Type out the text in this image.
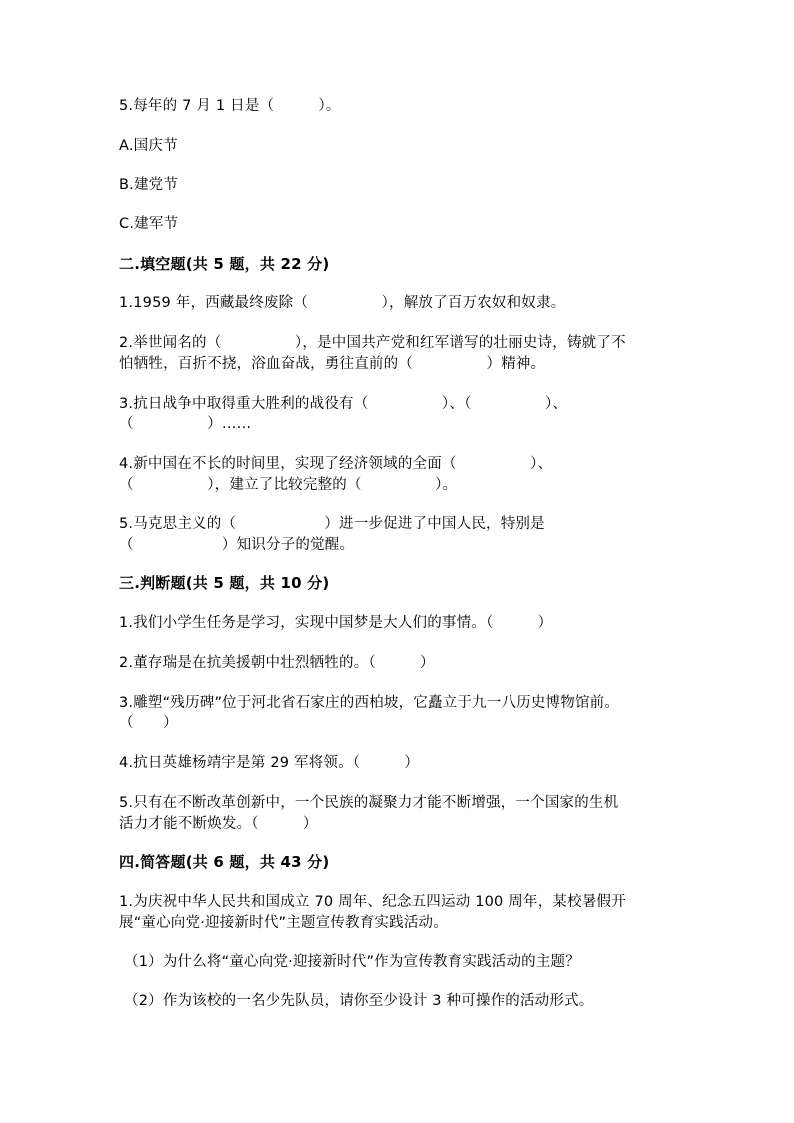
5.每年的 7 月 1 日是（　　　）。
A.国庆节
B.建党节
C.建军节
二.填空题(共 5 题，共 22 分)
1.1959 年，西藏最终废除（　　　　　），解放了百万农奴和奴隶。
2.举世闻名的（　　　　　），是中国共产党和红军谱写的壮丽史诗，铸就了不
怕牺牲，百折不挠，浴血奋战，勇往直前的（　　　　　）精神。
3.抗日战争中取得重大胜利的战役有（　　　　　）、（　　　　　）、
（　　　　　）……
4.新中国在不长的时间里，实现了经济领域的全面（　　　　　）、
（　　　　　），建立了比较完整的（　　　　　）。
5.马克思主义的（　　　　　　）进一步促进了中国人民，特别是
（　　　　　　）知识分子的觉醒。
三.判断题(共 5 题，共 10 分)
1.我们小学生任务是学习，实现中国梦是大人们的事情。（　　　）
2.董存瑞是在抗美援朝中壮烈牺牲的。（　　　）
3.雕塑“残历碑”位于河北省石家庄的西柏坡，它矗立于九一八历史博物馆前。
（　　）
4.抗日英雄杨靖宇是第 29 军将领。（　　　）
5.只有在不断改革创新中，一个民族的凝聚力才能不断增强，一个国家的生机
活力才能不断焕发。（　　　）
四.简答题(共 6 题，共 43 分)
1.为庆祝中华人民共和国成立 70 周年、纪念五四运动 100 周年，某校暑假开
展“童心向党·迎接新时代”主题宣传教育实践活动。
（1）为什么将“童心向党·迎接新时代”作为宣传教育实践活动的主题？
（2）作为该校的一名少先队员，请你至少设计 3 种可操作的活动形式。
